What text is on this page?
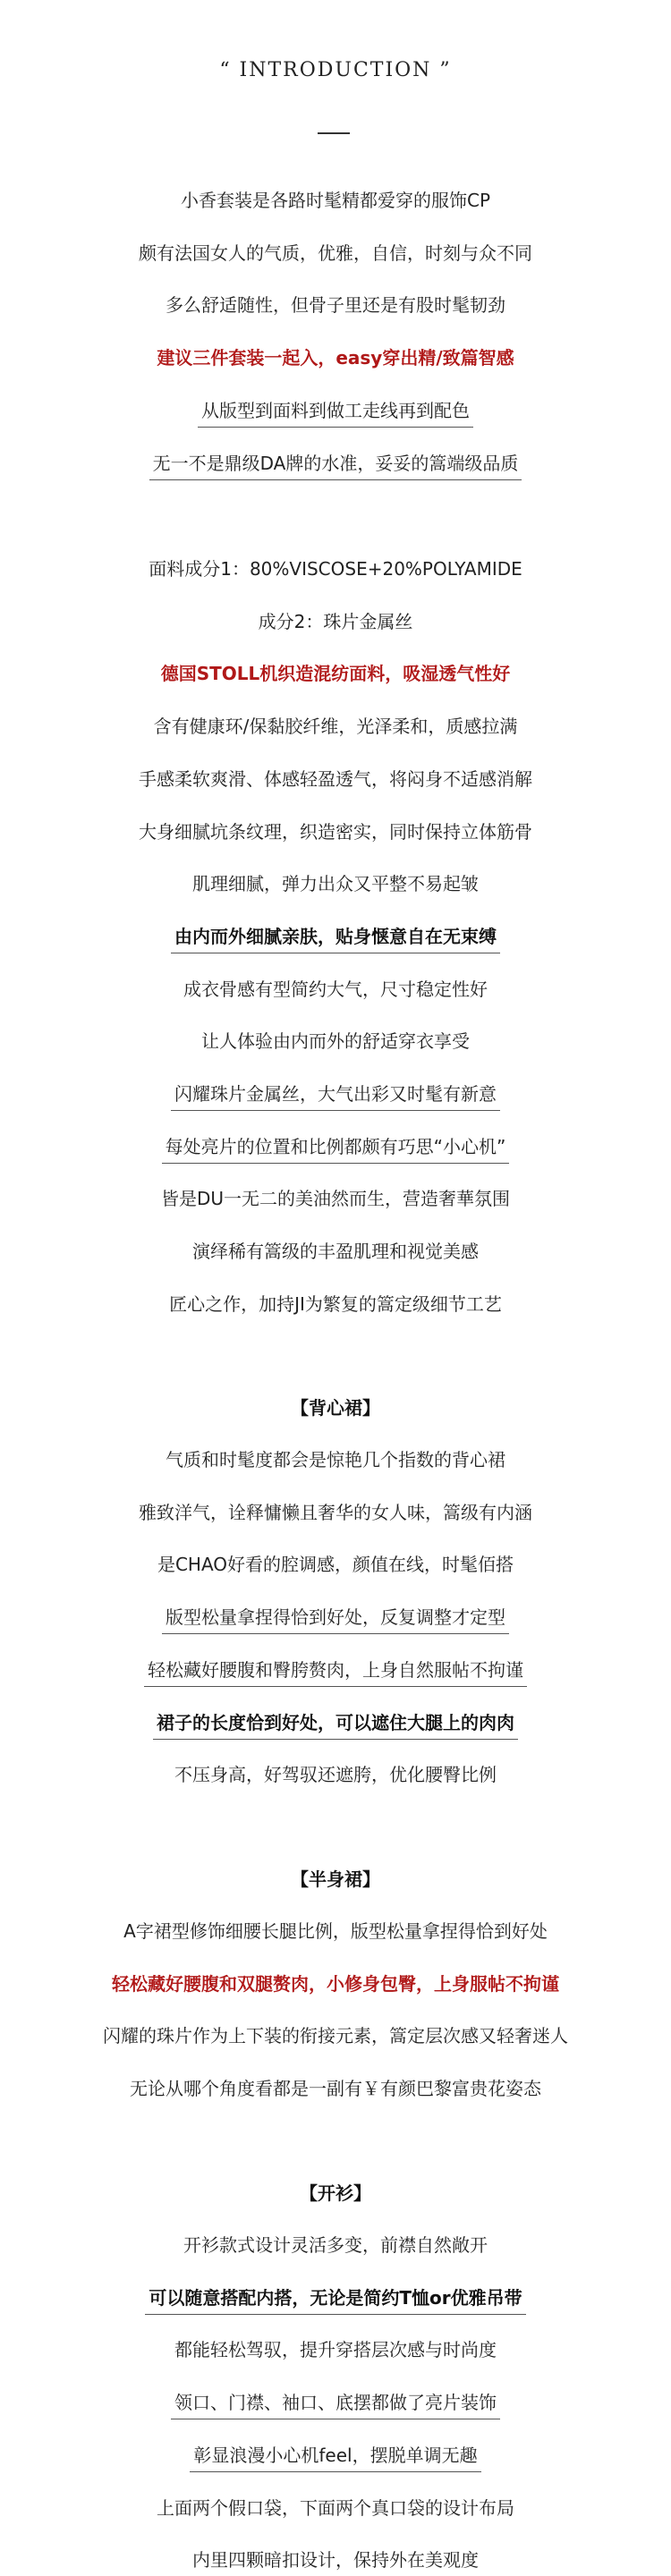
“ INTRODUCTION ”
小香套装是各路时髦精都爱穿的服饰CP
颇有法国女人的气质，优雅，自信，时刻与众不同
多么舒适随性，但骨子里还是有股时髦韧劲
建议三件套装一起入，easy穿出精/致篇智感
从版型到面料到做工走线再到配色
无一不是鼎级DA牌的水准，妥妥的篙端级品质
面料成分1：80%VISCOSE+20%POLYAMIDE
成分2：珠片金属丝
德国STOLL机织造混纺面料，吸湿透气性好
含有健康环/保黏胶纤维，光泽柔和，质感拉满
手感柔软爽滑、体感轻盈透气，将闷身不适感消解
大身细腻坑条纹理，织造密实，同时保持立体筋骨
肌理细腻，弹力出众又平整不易起皱
由内而外细腻亲肤，贴身惬意自在无束缚
成衣骨感有型简约大气，尺寸稳定性好
让人体验由内而外的舒适穿衣享受
闪耀珠片金属丝，大气出彩又时髦有新意
每处亮片的位置和比例都颇有巧思“小心机”
皆是DU一无二的美油然而生，营造奢華氛围
演绎稀有篙级的丰盈肌理和视觉美感
匠心之作，加持JI为繁复的篙定级细节工艺
【背心裙】
气质和时髦度都会是惊艳几个指数的背心裙
雅致洋气，诠释慵懒且奢华的女人味，篙级有内涵
是CHAO好看的腔调感，颜值在线，时髦佰搭
版型松量拿捏得恰到好处，反复调整才定型
轻松藏好腰腹和臀胯赘肉，上身自然服帖不拘谨
裙子的长度恰到好处，可以遮住大腿上的肉肉
不压身高，好驾驭还遮胯，优化腰臀比例
【半身裙】
A字裙型修饰细腰长腿比例，版型松量拿捏得恰到好处
轻松藏好腰腹和双腿赘肉，小修身包臀，上身服帖不拘谨
闪耀的珠片作为上下装的衔接元素，篙定层次感又轻奢迷人
无论从哪个角度看都是一副有￥有颜巴黎富贵花姿态
【开衫】
开衫款式设计灵活多变，前襟自然敞开
可以随意搭配内搭，无论是简约T恤or优雅吊带
都能轻松驾驭，提升穿搭层次感与时尚度
领口、门襟、袖口、底摆都做了亮片装饰
彰显浪漫小心机feel，摆脱单调无趣
上面两个假口袋，下面两个真口袋的设计布局
内里四颗暗扣设计，保持外在美观度
